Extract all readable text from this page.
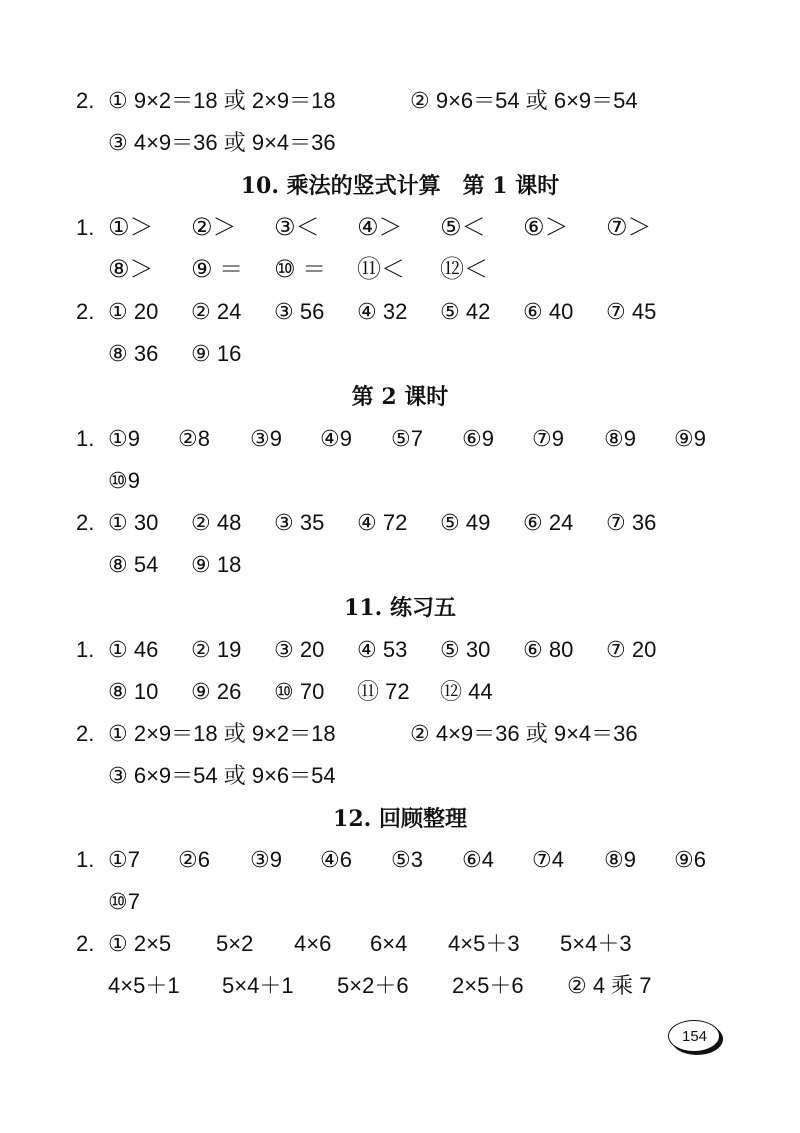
2. ① 9×2＝18 或 2×9＝18	② 9×6＝54 或 6×9＝54
③ 4×9＝36 或 9×4＝36
10. 乘法的竖式计算　第 1 课时
1. ①＞ ②＞ ③＜ ④＞ ⑤＜ ⑥＞ ⑦＞
⑧＞ ⑨ ＝ ⑩ ＝ ⑪＜ ⑫＜
2. ① 20 ② 24 ③ 56 ④ 32 ⑤ 42 ⑥ 40 ⑦ 45
⑧ 36 ⑨ 16
第 2 课时
1. ①9 ②8 ③9 ④9 ⑤7 ⑥9 ⑦9 ⑧9 ⑨9
⑩9
2. ① 30 ② 48 ③ 35 ④ 72 ⑤ 49 ⑥ 24 ⑦ 36
⑧ 54 ⑨ 18
11. 练习五
1. ① 46 ② 19 ③ 20 ④ 53 ⑤ 30 ⑥ 80 ⑦ 20
⑧ 10 ⑨ 26 ⑩ 70 ⑪ 72 ⑫ 44
2. ① 2×9＝18 或 9×2＝18	② 4×9＝36 或 9×4＝36
③ 6×9＝54 或 9×6＝54
12. 回顾整理
1. ①7 ②6 ③9 ④6 ⑤3 ⑥4 ⑦4 ⑧9 ⑨6
⑩7
2. ① 2×5 5×2 4×6 6×4 4×5＋3 5×4＋3
4×5＋1 5×4＋1 5×2＋6 2×5＋6 ② 4 乘 7
154
